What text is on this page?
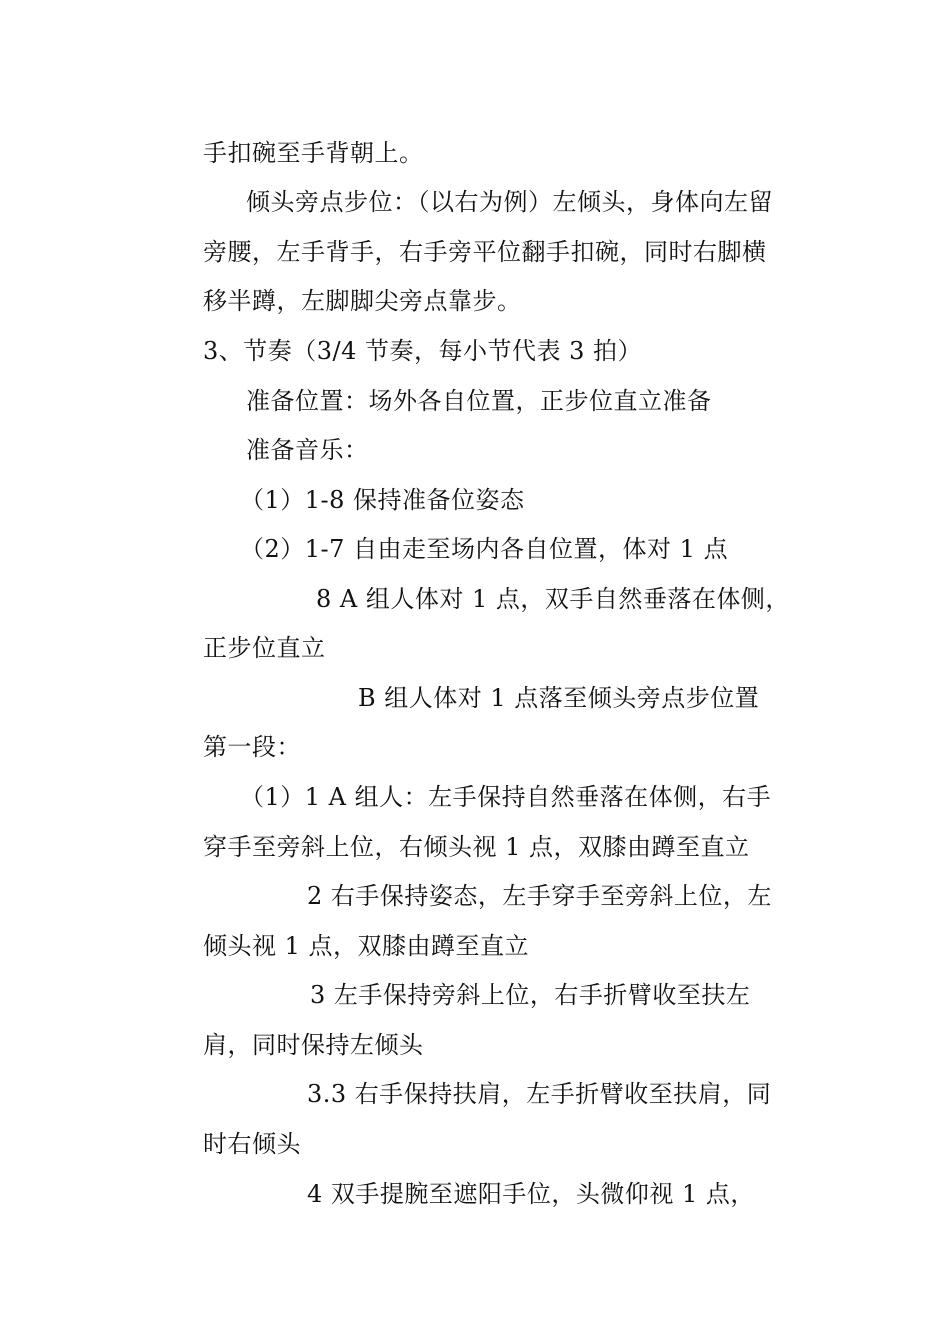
手扣碗至手背朝上。
倾头旁点步位：（以右为例）左倾头，身体向左留
旁腰，左手背手，右手旁平位翻手扣碗，同时右脚横
移半蹲，左脚脚尖旁点靠步。
3、节奏（3/4 节奏，每小节代表 3 拍）
准备位置：场外各自位置，正步位直立准备
准备音乐：
（1）1-8 保持准备位姿态
（2）1-7 自由走至场内各自位置，体对 1 点
8 A 组人体对 1 点，双手自然垂落在体侧，
正步位直立
B 组人体对 1 点落至倾头旁点步位置
第一段：
（1）1 A 组人：左手保持自然垂落在体侧，右手
穿手至旁斜上位，右倾头视 1 点，双膝由蹲至直立
2 右手保持姿态，左手穿手至旁斜上位，左
倾头视 1 点，双膝由蹲至直立
3 左手保持旁斜上位，右手折臂收至扶左
肩，同时保持左倾头
3.3 右手保持扶肩，左手折臂收至扶肩，同
时右倾头
4 双手提腕至遮阳手位，头微仰视 1 点，
